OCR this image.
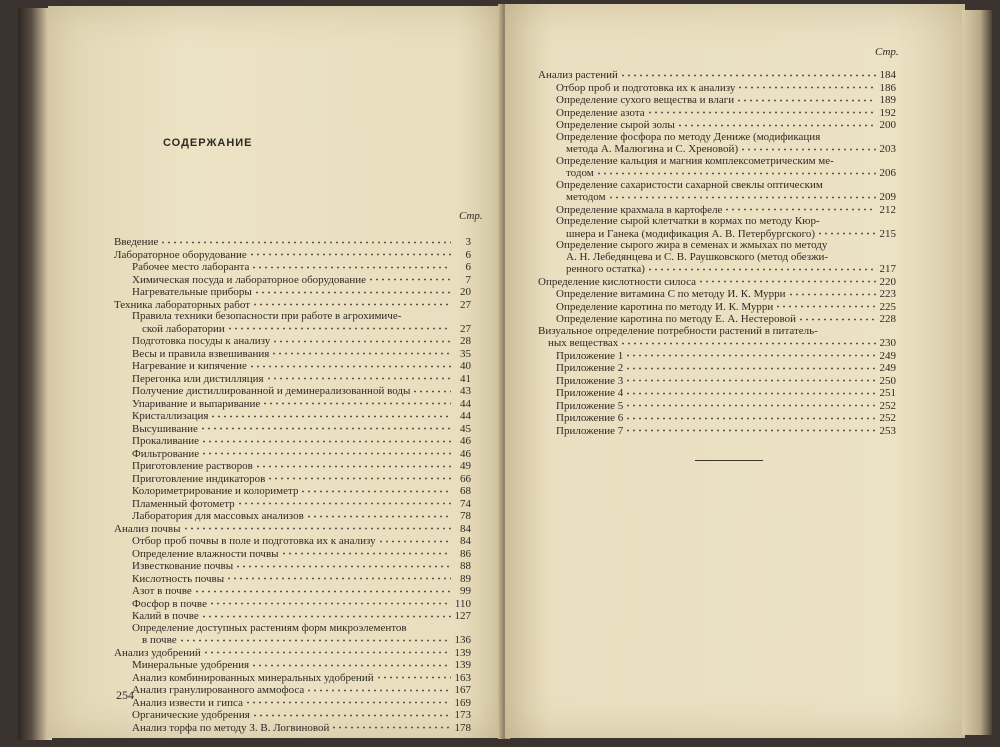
СОДЕРЖАНИЕ
Стр.
Введение	3
Лабораторное оборудование	6
Рабочее место лаборанта	6
Химическая посуда и лабораторное оборудование	7
Нагревательные приборы	20
Техника лабораторных работ	27
Правила техники безопасности при работе в агрохимиче-
ской лаборатории	27
Подготовка посуды к анализу	28
Весы и правила взвешивания	35
Нагревание и кипячение	40
Перегонка или дистилляция	41
Получение дистиллированной и деминерализованной воды	43
Упаривание и выпаривание	44
Кристаллизация	44
Высушивание	45
Прокаливание	46
Фильтрование	46
Приготовление растворов	49
Приготовление индикаторов	66
Колориметрирование и колориметр	68
Пламенный фотометр	74
Лаборатория для массовых анализов	78
Анализ почвы	84
Отбор проб почвы в поле и подготовка их к анализу	84
Определение влажности почвы	86
Известкование почвы	88
Кислотность почвы	89
Азот в почве	99
Фосфор в почве	110
Калий в почве	127
Определение доступных растениям форм микроэлементов
в почве	136
Анализ удобрений	139
Минеральные удобрения	139
Анализ комбинированных минеральных удобрений	163
Анализ гранулированного аммофоса	167
Анализ извести и гипса	169
Органические удобрения	173
Анализ торфа по методу З. В. Логвиновой	178
254
Стр.
Анализ растений	184
Отбор проб и подготовка их к анализу	186
Определение сухого вещества и влаги	189
Определение азота	192
Определение сырой золы	200
Определение фосфора по методу Дениже (модификация
метода А. Малюгина и С. Хреновой)	203
Определение кальция и магния комплексометрическим ме-
тодом	206
Определение сахаристости сахарной свеклы оптическим
методом	209
Определение крахмала в картофеле	212
Определение сырой клетчатки в кормах по методу Кюр-
шнера и Ганека (модификация А. В. Петербургского)	215
Определение сырого жира в семенах и жмыхах по методу
А. Н. Лебедянцева и С. В. Раушковского (метод обезжи-
ренного остатка)	217
Определение кислотности силоса	220
Определение витамина С по методу И. К. Мурри	223
Определение каротина по методу И. К. Мурри	225
Определение каротина по методу Е. А. Нестеровой	228
Визуальное определение потребности растений в питатель-
ных веществах	230
Приложение 1	249
Приложение 2	249
Приложение 3	250
Приложение 4	251
Приложение 5	252
Приложение 6	252
Приложение 7	253
